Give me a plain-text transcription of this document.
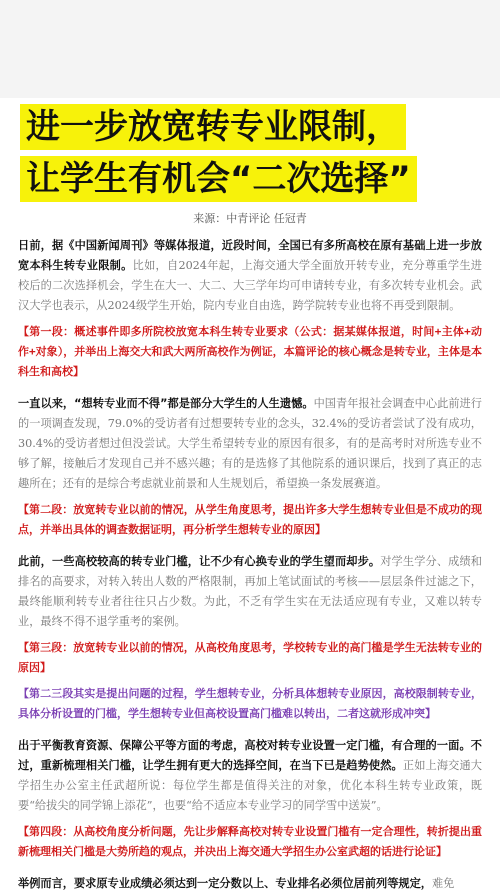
进一步放宽转专业限制，
让学生有机会“二次选择”
来源：中青评论 任冠青

日前，据《中国新闻周刊》等媒体报道，近段时间，全国已有多所高校在原有基础上进一步放宽本科生转专业限制。比如，自2024年起，上海交通大学全面放开转专业，充分尊重学生进校后的二次选择机会，学生在大一、大二、大三学年均可申请转专业，有多次转专业机会。武汉大学也表示，从2024级学生开始，院内专业自由选，跨学院转专业也将不再受到限制。

【第一段：概述事件即多所院校放宽本科生转专业要求（公式：据某媒体报道，时间+主体+动作+对象），并举出上海交大和武大两所高校作为例证，本篇评论的核心概念是转专业，主体是本科生和高校】

一直以来，“想转专业而不得”都是部分大学生的人生遗憾。中国青年报社会调查中心此前进行的一项调查发现，79.0%的受访者有过想要转专业的念头，32.4%的受访者尝试了没有成功，30.4%的受访者想过但没尝试。大学生希望转专业的原因有很多，有的是高考时对所选专业不够了解，接触后才发现自己并不感兴趣；有的是选修了其他院系的通识课后，找到了真正的志趣所在；还有的是综合考虑就业前景和人生规划后，希望换一条发展赛道。

【第二段：放宽转专业以前的情况，从学生角度思考，提出许多大学生想转专业但是不成功的现点，并举出具体的调查数据证明，再分析学生想转专业的原因】

此前，一些高校较高的转专业门槛，让不少有心换专业的学生望而却步。对学生学分、成绩和排名的高要求，对转入转出人数的严格限制，再加上笔试面试的考核——层层条件过滤之下，最终能顺利转专业者往往只占少数。为此，不乏有学生实在无法适应现有专业，又难以转专业，最终不得不退学重考的案例。

【第三段：放宽转专业以前的情况，从高校角度思考，学校转专业的高门槛是学生无法转专业的原因】
【第二三段其实是提出问题的过程，学生想转专业，分析具体想转专业原因，高校限制转专业，具体分析设置的门槛，学生想转专业但高校设置高门槛难以转出，二者这就形成冲突】

出于平衡教育资源、保障公平等方面的考虑，高校对转专业设置一定门槛，有合理的一面。不过，重新梳理相关门槛，让学生拥有更大的选择空间，在当下已是趋势使然。正如上海交通大学招生办公室主任武超所说：每位学生都是值得关注的对象，优化本科生转专业政策，既要“给拔尖的同学锦上添花”，也要“给不适应本专业学习的同学雪中送炭”。

【第四段：从高校角度分析问题，先让步解释高校对转专业设置门槛有一定合理性，转折提出重新梳理相关门槛是大势所趋的观点，并决出上海交通大学招生办公室武超的话进行论证】

举例而言，要求原专业成绩必须达到一定分数以上、专业排名必须位居前列等规定，难免
